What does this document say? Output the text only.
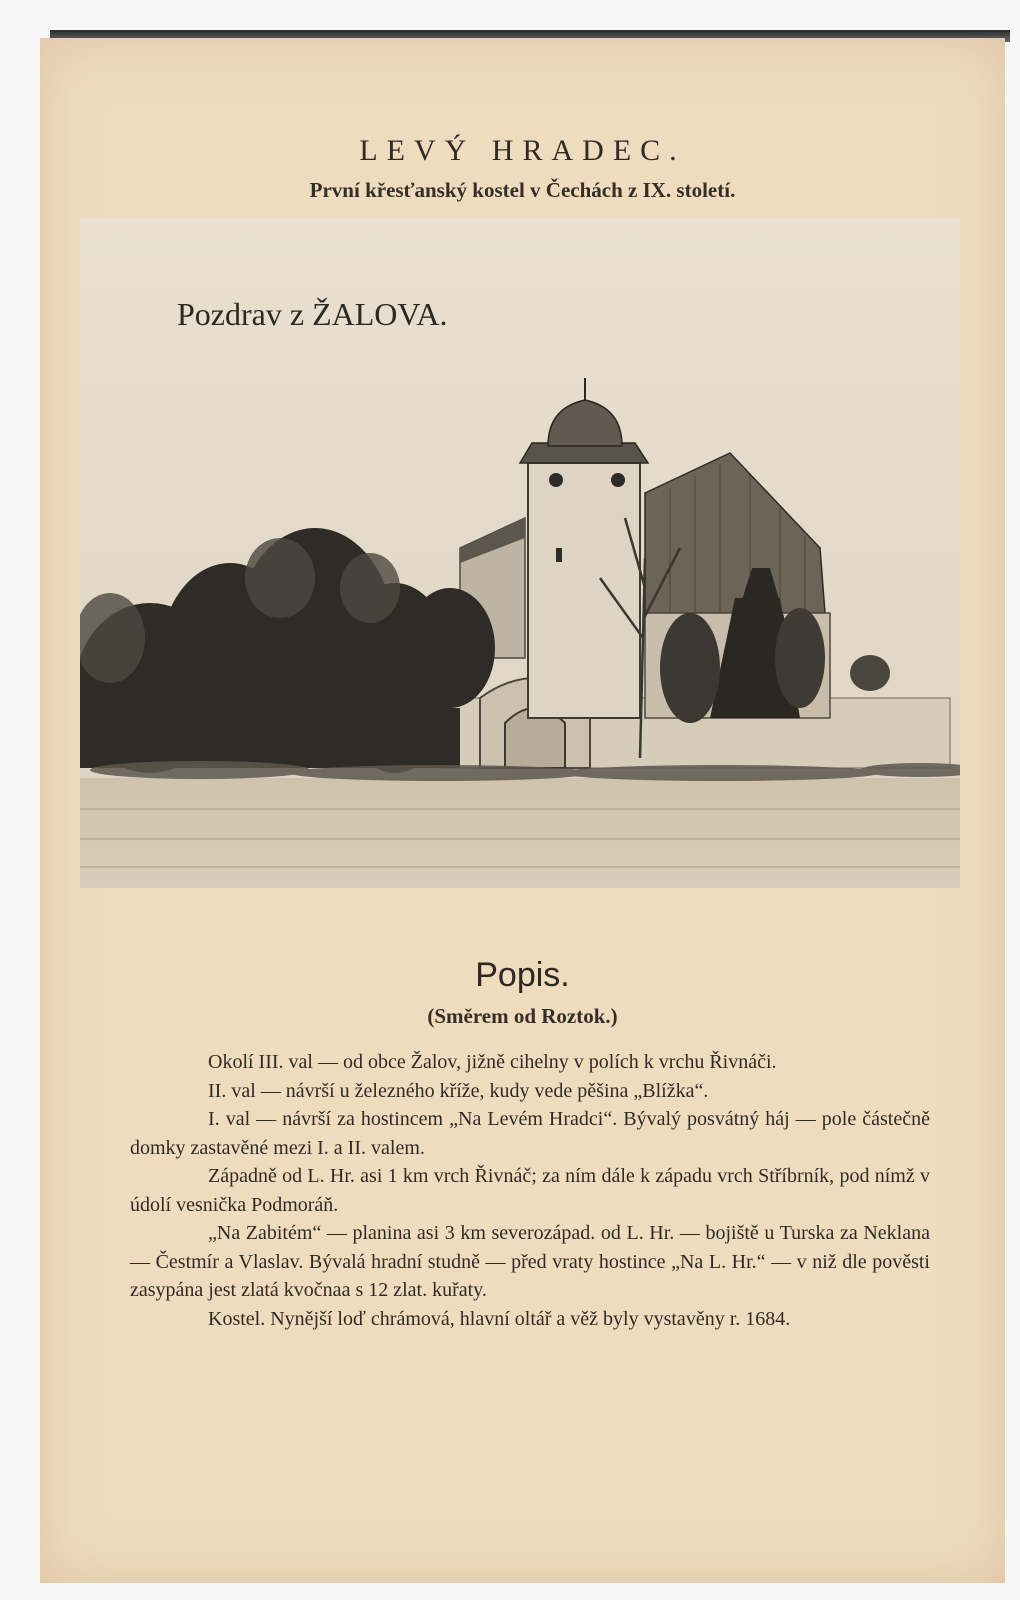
LEVÝ HRADEC.
První křesťanský kostel v Čechách z IX. století.
Pozdrav z ŽALOVA.
Popis.
(Směrem od Roztok.)

Okolí III. val — od obce Žalov, jižně cihelny v polích k vrchu Řivnáči.

II. val — návrší u železného kříže, kudy vede pěšina „Blížka“.

I. val — návrší za hostincem „Na Levém Hradci“. Bývalý posvátný háj — pole částečně domky zastavěné mezi I. a II. valem.

Západně od L. Hr. asi 1 km vrch Řivnáč; za ním dále k západu vrch Stříbrník, pod nímž v údolí vesnička Podmoráň.

„Na Zabitém“ — planina asi 3 km severozápad. od L. Hr. — bojiště u Turska za Neklana — Čestmír a Vlaslav. Bývalá hradní studně — před vraty hostince „Na L. Hr.“ — v niž dle pověsti zasypána jest zlatá kvočnaa s 12 zlat. kuřaty.

Kostel. Nynější loď chrámová, hlavní oltář a věž byly vystavěny r. 1684.
